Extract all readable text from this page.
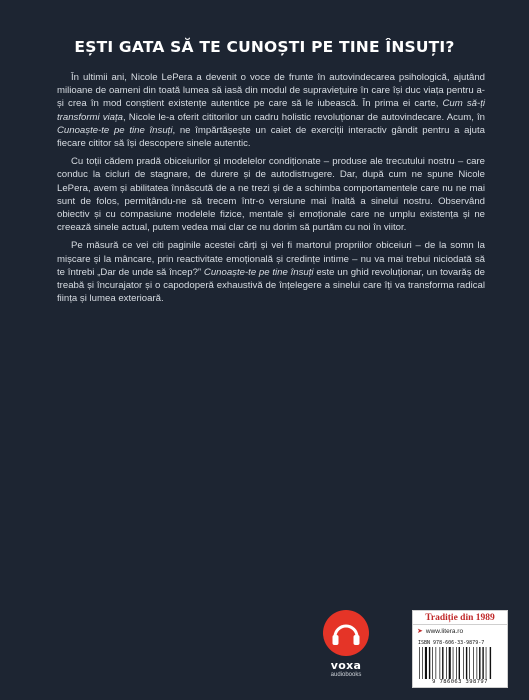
EȘTI GATA SĂ TE CUNOȘTI PE TINE ÎNSUȚI?

În ultimii ani, Nicole LePera a devenit o voce de frunte în autovindecarea psihologică, ajutând milioane de oameni din toată lumea să iasă din modul de supraviețuire în care își duc viața pentru a-și crea în mod conștient existențe autentice pe care să le iubească. În prima ei carte, Cum să-ți transformi viața, Nicole le-a oferit cititorilor un cadru holistic revoluționar de autovindecare. Acum, în Cunoaște-te pe tine însuți, ne împărtășește un caiet de exerciții interactiv gândit pentru a ajuta fiecare cititor să își descopere sinele autentic.

Cu toții cădem pradă obiceiurilor și modelelor condiționate – produse ale trecutului nostru – care conduc la cicluri de stagnare, de durere și de autodistrugere. Dar, după cum ne spune Nicole LePera, avem și abilitatea înnăscută de a ne trezi și de a schimba comportamentele care nu ne mai sunt de folos, permițându-ne să trecem într-o versiune mai înaltă a sinelui nostru. Observând obiectiv și cu compasiune modelele fizice, mentale și emoționale care ne umplu existența și ne creează sinele actual, putem vedea mai clar ce nu dorim să purtăm cu noi în viitor.

Pe măsură ce vei citi paginile acestei cărți și vei fi martorul propriilor obiceiuri – de la somn la mișcare și la mâncare, prin reactivitate emoțională și credințe intime – nu va mai trebui niciodată să te întrebi „Dar de unde să încep?” Cunoaște-te pe tine însuți este un ghid revoluționar, un tovarăș de treabă și încurajator și o capodoperă exhaustivă de înțelegere a sinelui care îți va transforma radical ființa și lumea exterioară.

voxa
audiobooks
Tradiție din 1989
➤ www.litera.ro
ISBN 978-606-33-9879-7
9 786063 398797
